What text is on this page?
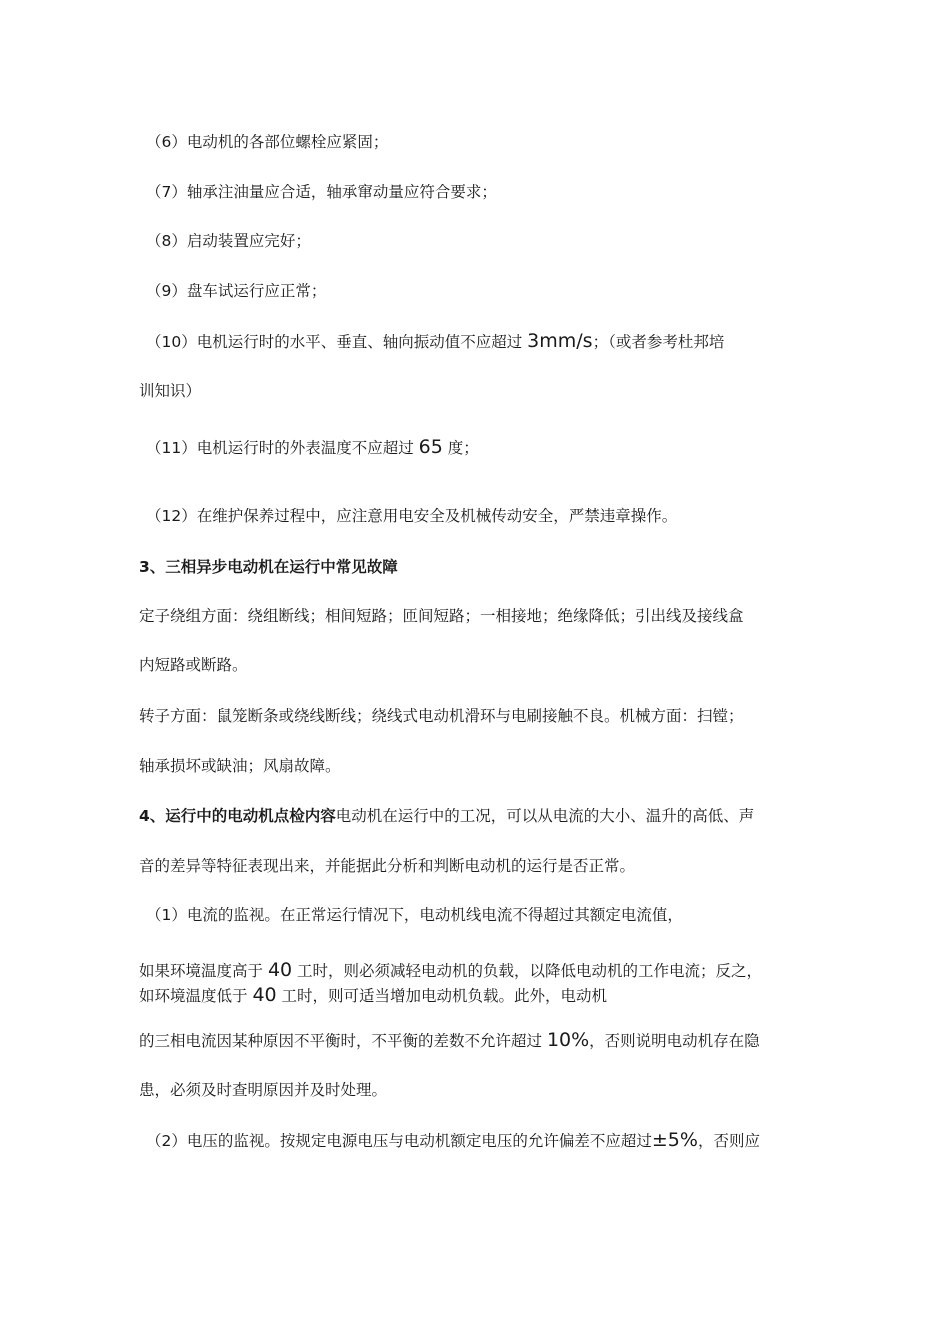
（6）电动机的各部位螺栓应紧固；
（7）轴承注油量应合适，轴承窜动量应符合要求；
（8）启动装置应完好；
（9）盘车试运行应正常；
（10）电机运行时的水平、垂直、轴向振动值不应超过 3mm/s；（或者参考杜邦培
训知识）
（11）电机运行时的外表温度不应超过 65 度；
（12）在维护保养过程中，应注意用电安全及机械传动安全，严禁违章操作。
3、三相异步电动机在运行中常见故障
定子绕组方面：绕组断线；相间短路；匝间短路；一相接地；绝缘降低；引出线及接线盒
内短路或断路。
转子方面：鼠笼断条或绕线断线；绕线式电动机滑环与电刷接触不良。机械方面：扫镗；
轴承损坏或缺油；风扇故障。
4、运行中的电动机点检内容电动机在运行中的工况，可以从电流的大小、温升的高低、声
音的差异等特征表现出来，并能据此分析和判断电动机的运行是否正常。
（1）电流的监视。在正常运行情况下，电动机线电流不得超过其额定电流值，
如果环境温度高于 40 工时，则必须减轻电动机的负载，以降低电动机的工作电流；反之，
如环境温度低于 40 工时，则可适当增加电动机负载。此外，电动机
的三相电流因某种原因不平衡时，不平衡的差数不允许超过 10%，否则说明电动机存在隐
患，必须及时查明原因并及时处理。
（2）电压的监视。按规定电源电压与电动机额定电压的允许偏差不应超过±5%，否则应
